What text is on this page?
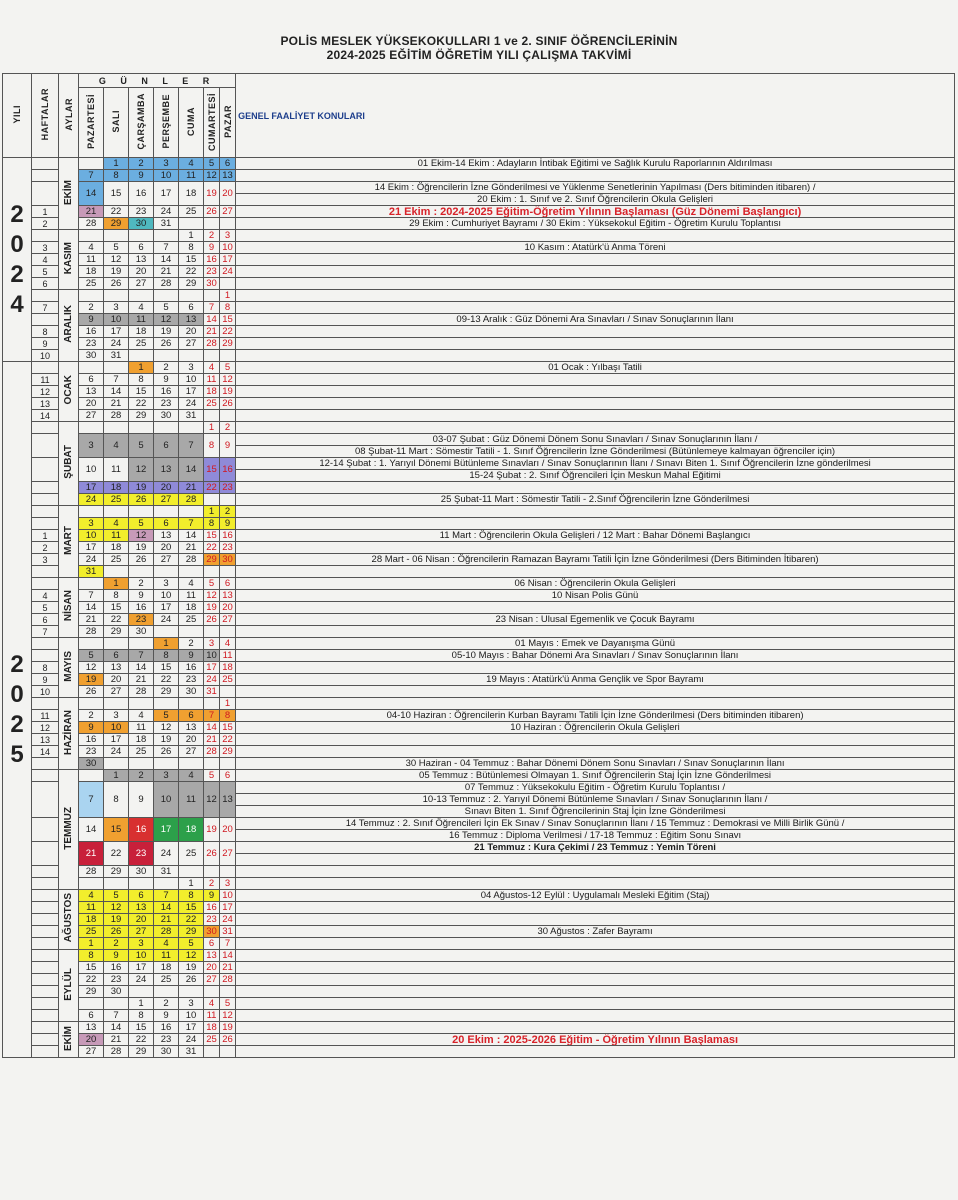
POLİS MESLEK YÜKSEKOKULLARI 1 ve 2. SINIF ÖĞRENCİLERİNİN
2024-2025 EĞİTİM ÖĞRETİM YILI ÇALIŞMA TAKVİMİ
YILI	HAFTALAR	AYLAR	G Ü N L E R							GENEL FAALİYET KONULARI
			PAZARTESİ	SALI	ÇARŞAMBA	PERŞEMBE	CUMA	CUMARTESİ	PAZAR	

2
0
2
4		EKİM		1	2	3	4	5	6	01 Ekim-14 Ekim : Adayların İntibak Eğitimi ve Sağlık Kurulu Raporlarının Aldırılması
			7	8	9	10	11	12	13	
			14	15	16	17	18	19	20	14 Ekim : Öğrencilerin İzne Gönderilmesi ve Yüklenme Senetlerinin Yapılması (Ders bitiminden itibaren) /
										20 Ekim : 1. Sınıf ve 2. Sınıf Öğrencilerin Okula Gelişleri
	1		21	22	23	24	25	26	27	21 Ekim : 2024-2025 Eğitim-Öğretim Yılının Başlaması (Güz Dönemi Başlangıcı)
	2		28	29	30	31				29 Ekim : Cumhuriyet Bayramı / 30 Ekim : Yüksekokul Eğitim - Öğretim Kurulu Toplantısı
		KASIM					1	2	3	
	3		4	5	6	7	8	9	10	10 Kasım : Atatürk'ü Anma Töreni
	4		11	12	13	14	15	16	17	
	5		18	19	20	21	22	23	24	
	6		25	26	27	28	29	30		
		ARALIK							1	
	7		2	3	4	5	6	7	8	
			9	10	11	12	13	14	15	09-13 Aralık : Güz Dönemi Ara Sınavları / Sınav Sonuçlarının İlanı
	8		16	17	18	19	20	21	22	
	9		23	24	25	26	27	28	29	
	10		30	31						

2
0
2
5		OCAK			1	2	3	4	5	01 Ocak : Yılbaşı Tatili
	11		6	7	8	9	10	11	12	
	12		13	14	15	16	17	18	19	
	13		20	21	22	23	24	25	26	
	14		27	28	29	30	31			
		ŞUBAT						1	2	
			3	4	5	6	7	8	9	03-07 Şubat : Güz Dönemi Dönem Sonu Sınavları / Sınav Sonuçlarının İlanı /
										08 Şubat-11 Mart : Sömestir Tatili - 1. Sınıf Öğrencilerin İzne Gönderilmesi (Bütünlemeye kalmayan öğrenciler için)
			10	11	12	13	14	15	16	12-14 Şubat : 1. Yarıyıl Dönemi Bütünleme Sınavları / Sınav Sonuçlarının İlanı / Sınavı Biten 1. Sınıf Öğrencilerin İzne gönderilmesi
										15-24 Şubat : 2. Sınıf Öğrencileri İçin Meskun Mahal Eğitimi
			17	18	19	20	21	22	23	
			24	25	26	27	28			25 Şubat-11 Mart : Sömestir Tatili - 2.Sınıf Öğrencilerin İzne Gönderilmesi
		MART						1	2	
			3	4	5	6	7	8	9	
	1		10	11	12	13	14	15	16	11 Mart : Öğrencilerin Okula Gelişleri / 12 Mart : Bahar Dönemi Başlangıcı
	2		17	18	19	20	21	22	23	
	3		24	25	26	27	28	29	30	28 Mart - 06 Nisan : Öğrencilerin Ramazan Bayramı Tatili İçin İzne Gönderilmesi (Ders Bitiminden İtibaren)
			31							
		NİSAN		1	2	3	4	5	6	06 Nisan : Öğrencilerin Okula Gelişleri
	4		7	8	9	10	11	12	13	10 Nisan Polis Günü
	5		14	15	16	17	18	19	20	
	6		21	22	23	24	25	26	27	23 Nisan : Ulusal Egemenlik ve Çocuk Bayramı
	7		28	29	30					
		MAYIS				1	2	3	4	01 Mayıs : Emek ve Dayanışma Günü
			5	6	7	8	9	10	11	05-10 Mayıs : Bahar Dönemi Ara Sınavları / Sınav Sonuçlarının İlanı
	8		12	13	14	15	16	17	18	
	9		19	20	21	22	23	24	25	19 Mayıs : Atatürk'ü Anma Gençlik ve Spor Bayramı
	10		26	27	28	29	30	31		
		HAZİRAN							1	
	11		2	3	4	5	6	7	8	04-10 Haziran : Öğrencilerin Kurban Bayramı Tatili İçin İzne Gönderilmesi (Ders bitiminden itibaren)
	12		9	10	11	12	13	14	15	10 Haziran : Öğrencilerin Okula Gelişleri
	13		16	17	18	19	20	21	22	
	14		23	24	25	26	27	28	29	
			30							30 Haziran - 04 Temmuz : Bahar Dönemi Dönem Sonu Sınavları / Sınav Sonuçlarının İlanı
		TEMMUZ		1	2	3	4	5	6	05 Temmuz : Bütünlemesi Olmayan 1. Sınıf Öğrencilerin Staj İçin İzne Gönderilmesi
			7	8	9	10	11	12	13	07 Temmuz : Yüksekokulu Eğitim - Öğretim Kurulu Toplantısı /
										10-13 Temmuz : 2. Yarıyıl Dönemi Bütünleme Sınavları / Sınav Sonuçlarının İlanı /
										Sınavı Biten 1. Sınıf Öğrencilerinin Staj İçin İzne Gönderilmesi
			14	15	16	17	18	19	20	14 Temmuz : 2. Sınıf Öğrencileri İçin Ek Sınav / Sınav Sonuçlarının İlanı / 15 Temmuz : Demokrasi ve Milli Birlik Günü /
										16 Temmuz : Diploma Verilmesi / 17-18 Temmuz : Eğitim Sonu Sınavı
			21	22	23	24	25	26	27	21 Temmuz : Kura Çekimi / 23 Temmuz : Yemin Töreni

			28	29	30	31				
							1	2	3	
		AĞUSTOS	4	5	6	7	8	9	10	04 Ağustos-12 Eylül : Uygulamalı Mesleki Eğitim (Staj)
			11	12	13	14	15	16	17	
			18	19	20	21	22	23	24	
			25	26	27	28	29	30	31	30 Ağustos : Zafer Bayramı
			1	2	3	4	5	6	7	
		EYLÜL	8	9	10	11	12	13	14	
			15	16	17	18	19	20	21	
			22	23	24	25	26	27	28	
			29	30						
					1	2	3	4	5	
			6	7	8	9	10	11	12	
		EKİM	13	14	15	16	17	18	19	
			20	21	22	23	24	25	26	20 Ekim : 2025-2026 Eğitim - Öğretim Yılının Başlaması
			27	28	29	30	31			
